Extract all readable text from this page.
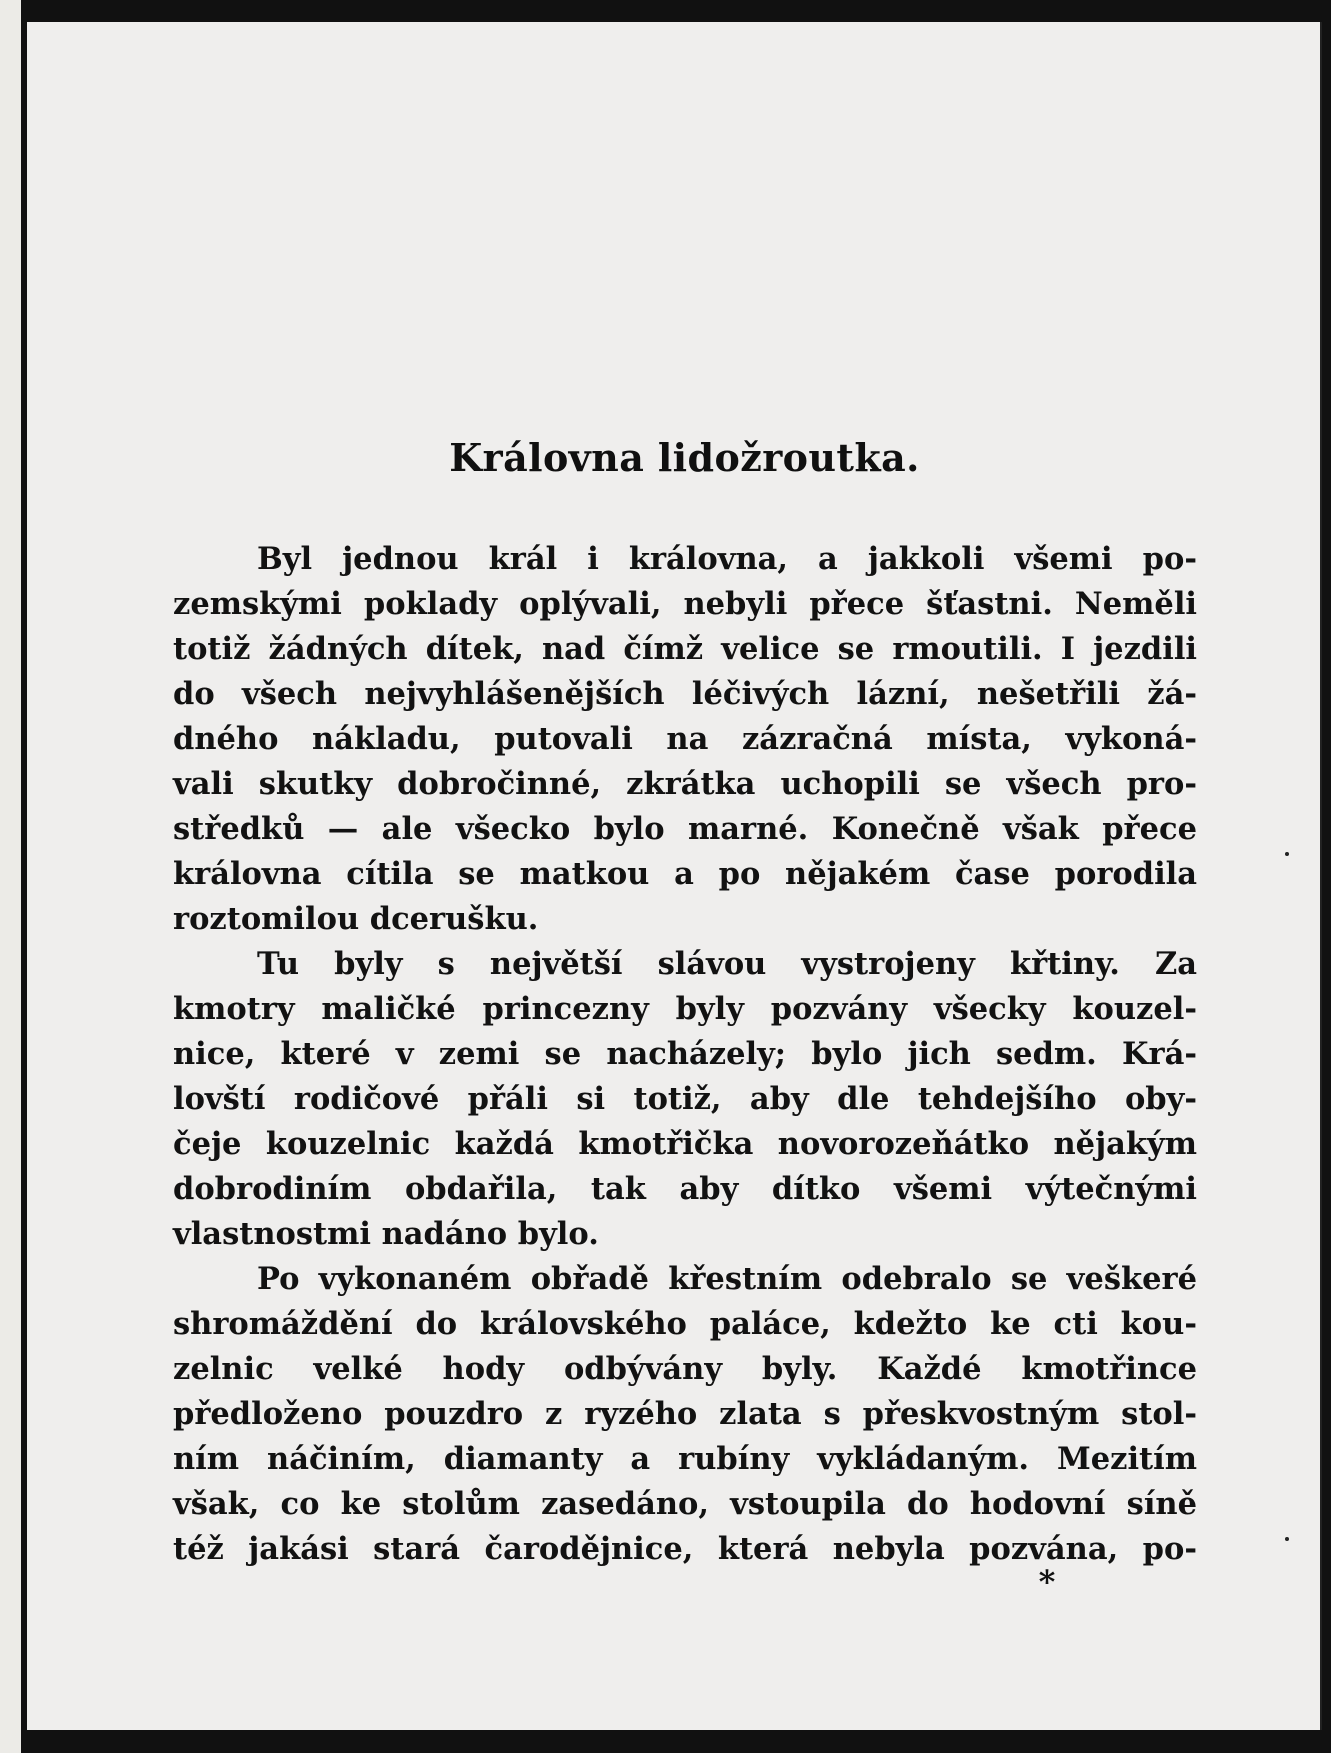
Královna lidožroutka.
Byl jednou král i královna, a jakkoli všemi po-
zemskými poklady oplývali, nebyli přece šťastni. Neměli
totiž žádných dítek, nad čímž velice se rmoutili. I jezdili
do všech nejvyhlášenějších léčivých lázní, nešetřili žá-
dného nákladu, putovali na zázračná místa, vykoná-
vali skutky dobročinné, zkrátka uchopili se všech pro-
středků — ale všecko bylo marné. Konečně však přece
královna cítila se matkou a po nějakém čase porodila
roztomilou dcerušku.
Tu byly s největší slávou vystrojeny křtiny. Za
kmotry maličké princezny byly pozvány všecky kouzel-
nice, které v zemi se nacházely; bylo jich sedm. Krá-
lovští rodičové přáli si totiž, aby dle tehdejšího oby-
čeje kouzelnic každá kmotřička novorozeňátko nějakým
dobrodiním obdařila, tak aby dítko všemi výtečnými
vlastnostmi nadáno bylo.
Po vykonaném obřadě křestním odebralo se veškeré
shromáždění do královského paláce, kdežto ke cti kou-
zelnic velké hody odbývány byly. Každé kmotřince
předloženo pouzdro z ryzého zlata s přeskvostným stol-
ním náčiním, diamanty a rubíny vykládaným. Mezitím
však, co ke stolům zasedáno, vstoupila do hodovní síně
též jakási stará čarodějnice, která nebyla pozvána, po-
*
